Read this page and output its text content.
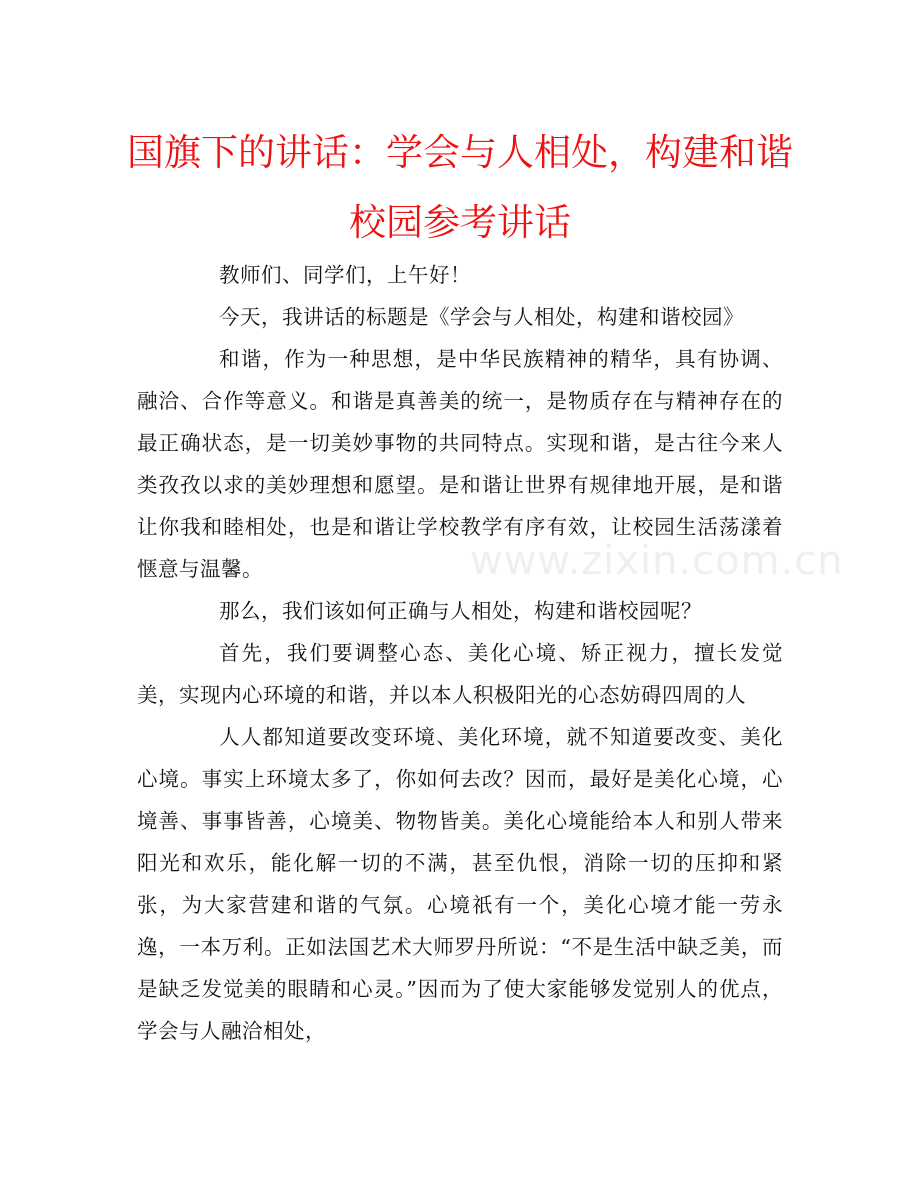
国旗下的讲话：学会与人相处，构建和谐校园参考讲话

教师们、同学们，上午好！

今天，我讲话的标题是《学会与人相处，构建和谐校园》

和谐，作为一种思想，是中华民族精神的精华，具有协调、融洽、合作等意义。和谐是真善美的统一，是物质存在与精神存在的最正确状态，是一切美妙事物的共同特点。实现和谐，是古往今来人类孜孜以求的美妙理想和愿望。是和谐让世界有规律地开展，是和谐让你我和睦相处，也是和谐让学校教学有序有效，让校园生活荡漾着惬意与温馨。

那么，我们该如何正确与人相处，构建和谐校园呢？

首先，我们要调整心态、美化心境、矫正视力，擅长发觉美，实现内心环境的和谐，并以本人积极阳光的心态妨碍四周的人

人人都知道要改变环境、美化环境，就不知道要改变、美化心境。事实上环境太多了，你如何去改？因而，最好是美化心境，心境善、事事皆善，心境美、物物皆美。美化心境能给本人和别人带来阳光和欢乐，能化解一切的不满，甚至仇恨，消除一切的压抑和紧张，为大家营建和谐的气氛。心境祇有一个，美化心境才能一劳永逸，一本万利。正如法国艺术大师罗丹所说：“不是生活中缺乏美，而是缺乏发觉美的眼睛和心灵。”因而为了使大家能够发觉别人的优点，学会与人融洽相处，

www.zixin.com.cn
